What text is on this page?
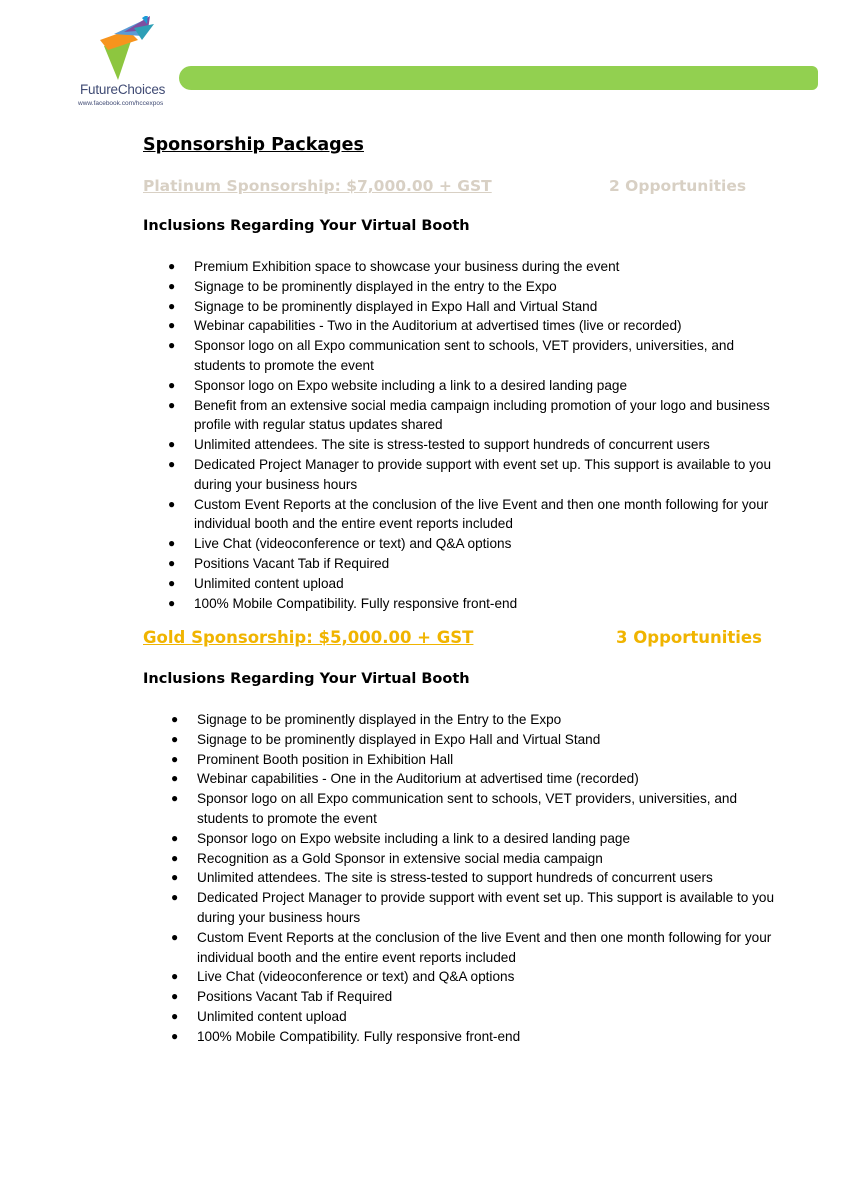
FutureChoices
www.facebook.com/hccexpos
Sponsorship Packages
Platinum Sponsorship: $7,000.00 + GST	2 Opportunities
Inclusions Regarding Your Virtual Booth
Gold Sponsorship: $5,000.00 + GST	3 Opportunities
Inclusions Regarding Your Virtual Booth
● Premium Exhibition space to showcase your business during the event
● Signage to be prominently displayed in the entry to the Expo
● Signage to be prominently displayed in Expo Hall and Virtual Stand
● Webinar capabilities - Two in the Auditorium at advertised times (live or recorded)
● Sponsor logo on all Expo communication sent to schools, VET providers, universities, and students to promote the event
● Sponsor logo on Expo website including a link to a desired landing page
● Benefit from an extensive social media campaign including promotion of your logo and business profile with regular status updates shared
● Unlimited attendees. The site is stress-tested to support hundreds of concurrent users
● Dedicated Project Manager to provide support with event set up. This support is available to you during your business hours
● Custom Event Reports at the conclusion of the live Event and then one month following for your individual booth and the entire event reports included
● Live Chat (videoconference or text) and Q&A options
● Positions Vacant Tab if Required
● Unlimited content upload
● 100% Mobile Compatibility. Fully responsive front-end
● Signage to be prominently displayed in the Entry to the Expo
● Signage to be prominently displayed in Expo Hall and Virtual Stand
● Prominent Booth position in Exhibition Hall
● Webinar capabilities - One in the Auditorium at advertised time (recorded)
● Sponsor logo on all Expo communication sent to schools, VET providers, universities, and students to promote the event
● Sponsor logo on Expo website including a link to a desired landing page
● Recognition as a Gold Sponsor in extensive social media campaign
● Unlimited attendees. The site is stress-tested to support hundreds of concurrent users
● Dedicated Project Manager to provide support with event set up. This support is available to you during your business hours
● Custom Event Reports at the conclusion of the live Event and then one month following for your individual booth and the entire event reports included
● Live Chat (videoconference or text) and Q&A options
● Positions Vacant Tab if Required
● Unlimited content upload
● 100% Mobile Compatibility. Fully responsive front-end
